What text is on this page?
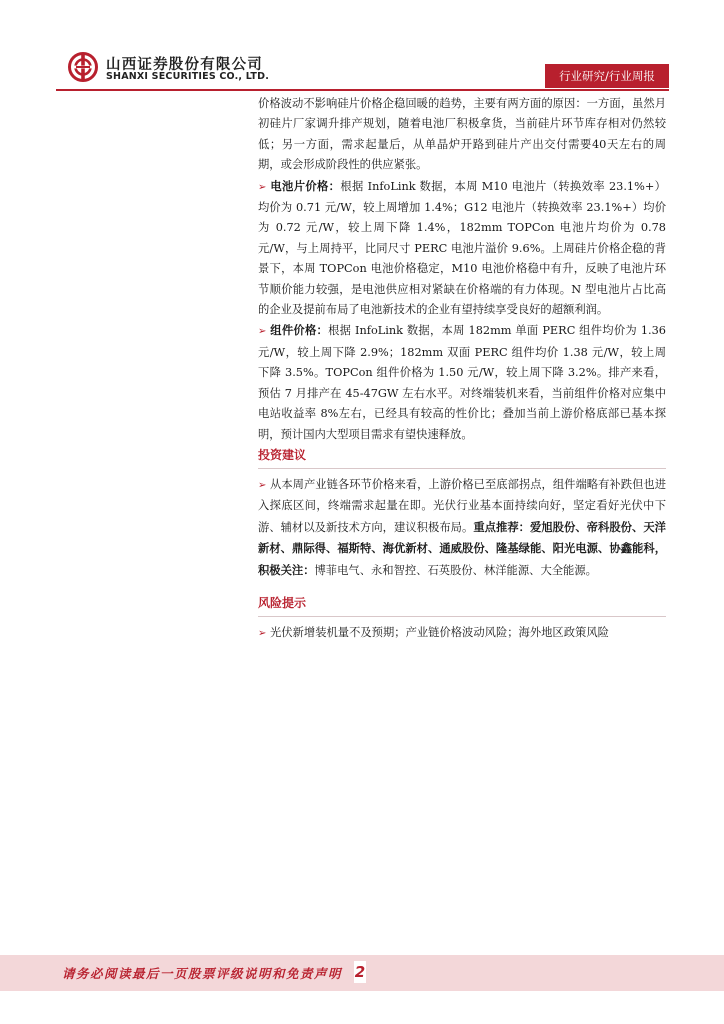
山西证券股份有限公司
SHANXI SECURITIES CO., LTD.	行业研究/行业周报

价格波动不影响硅片价格企稳回暖的趋势，主要有两方面的原因：一方面，虽然月初硅片厂家调升排产规划，随着电池厂积极拿货，当前硅片环节库存相对仍然较低；另一方面，需求起量后，从单晶炉开路到硅片产出交付需要40天左右的周期，或会形成阶段性的供应紧张。

➢ 电池片价格：根据 InfoLink 数据，本周 M10 电池片（转换效率 23.1%+）均价为 0.71 元/W，较上周增加 1.4%；G12 电池片（转换效率 23.1%+）均价为 0.72 元/W，较上周下降 1.4%，182mm TOPCon 电池片均价为 0.78 元/W，与上周持平，比同尺寸 PERC 电池片溢价 9.6%。上周硅片价格企稳的背景下，本周 TOPCon 电池价格稳定，M10 电池价格稳中有升，反映了电池片环节顺价能力较强，是电池供应相对紧缺在价格端的有力体现。N 型电池片占比高的企业及提前布局了电池新技术的企业有望持续享受良好的超额利润。

➢ 组件价格：根据 InfoLink 数据，本周 182mm 单面 PERC 组件均价为 1.36 元/W，较上周下降 2.9%；182mm 双面 PERC 组件均价 1.38 元/W，较上周下降 3.5%。TOPCon 组件价格为 1.50 元/W，较上周下降 3.2%。排产来看，预估 7 月排产在 45-47GW 左右水平。对终端装机来看，当前组件价格对应集中电站收益率 8%左右，已经具有较高的性价比；叠加当前上游价格底部已基本探明，预计国内大型项目需求有望快速释放。

投资建议

➢ 从本周产业链各环节价格来看，上游价格已至底部拐点，组件端略有补跌但也进入探底区间，终端需求起量在即。光伏行业基本面持续向好，坚定看好光伏中下游、辅材以及新技术方向，建议积极布局。重点推荐：爱旭股份、帝科股份、天洋新材、鼎际得、福斯特、海优新材、通威股份、隆基绿能、阳光电源、协鑫能科，积极关注：博菲电气、永和智控、石英股份、林洋能源、大全能源。

风险提示

➢ 光伏新增装机量不及预期；产业链价格波动风险；海外地区政策风险

请务必阅读最后一页股票评级说明和免责声明 2
